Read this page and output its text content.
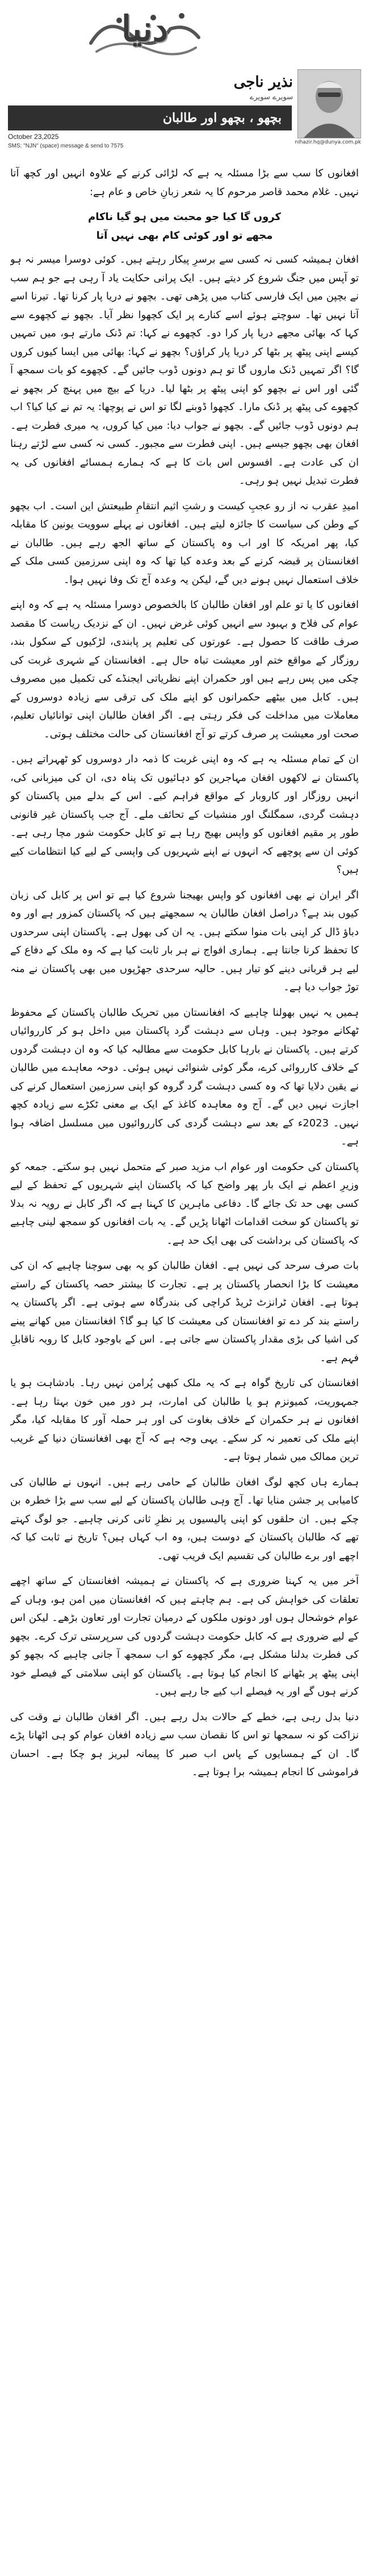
دنیا
nihazir.hq@dunya.com.pk
نذیر ناجی
سویرے سویرے
بچھو ، بچھو اور طالبان
October 23,2025
SMS: "NJN" (space) message & send to 7575

افغانوں کا سب سے بڑا مسئلہ یہ ہے کہ لڑائی کرنے کے علاوہ انہیں اور کچھ آتا نہیں۔ غلام محمد قاصر مرحوم کا یہ شعر زبانِ خاص و عام ہے:

کروں گا کیا جو محبت میں ہو گیا ناکام
مجھے تو اور کوئی کام بھی نہیں آتا

افغان ہمیشہ کسی نہ کسی سے برسرِ پیکار رہتے ہیں۔ کوئی دوسرا میسر نہ ہو تو آپس میں جنگ شروع کر دیتے ہیں۔ ایک پرانی حکایت یاد آ رہی ہے جو ہم سب نے بچپن میں ایک فارسی کتاب میں پڑھی تھی۔ بچھو نے دریا پار کرنا تھا۔ تیرنا اسے آتا نہیں تھا۔ سوچتے ہوئے اسے کنارے پر ایک کچھوا نظر آیا۔ بچھو نے کچھوے سے کہا کہ بھائی مجھے دریا پار کرا دو۔ کچھوے نے کہا: تم ڈنک مارتے ہو، میں تمہیں کیسے اپنی پیٹھ پر بٹھا کر دریا پار کراؤں؟ بچھو نے کہا: بھائی میں ایسا کیوں کروں گا؟ اگر تمہیں ڈنک ماروں گا تو ہم دونوں ڈوب جائیں گے۔ کچھوے کو بات سمجھ آ گئی اور اس نے بچھو کو اپنی پیٹھ پر بٹھا لیا۔ دریا کے بیچ میں پہنچ کر بچھو نے کچھوے کی پیٹھ پر ڈنک مارا۔ کچھوا ڈوبنے لگا تو اس نے پوچھا: یہ تم نے کیا کیا؟ اب ہم دونوں ڈوب جائیں گے۔ بچھو نے جواب دیا: میں کیا کروں، یہ میری فطرت ہے۔ افغان بھی بچھو جیسے ہیں۔ اپنی فطرت سے مجبور۔ کسی نہ کسی سے لڑتے رہنا ان کی عادت ہے۔ افسوس اس بات کا ہے کہ ہمارے ہمسائے افغانوں کی یہ فطرت تبدیل نہیں ہو رہی۔

امیدِ عقرب نہ از رو عجبِ کیست و رشتِ اثیم انتقامِ طبیعتش این است۔ اب بچھو کے وطن کی سیاست کا جائزہ لیتے ہیں۔ افغانوں نے پہلے سوویت یونین کا مقابلہ کیا، پھر امریکہ کا اور اب وہ پاکستان کے ساتھ الجھ رہے ہیں۔ طالبان نے افغانستان پر قبضہ کرنے کے بعد وعدہ کیا تھا کہ وہ اپنی سرزمین کسی ملک کے خلاف استعمال نہیں ہونے دیں گے، لیکن یہ وعدہ آج تک وفا نہیں ہوا۔

افغانوں کا یا تو علم اور افغان طالبان کا بالخصوص دوسرا مسئلہ یہ ہے کہ وہ اپنے عوام کی فلاح و بہبود سے انہیں کوئی غرض نہیں۔ ان کے نزدیک ریاست کا مقصد صرف طاقت کا حصول ہے۔ عورتوں کی تعلیم پر پابندی، لڑکیوں کے سکول بند، روزگار کے مواقع ختم اور معیشت تباہ حال ہے۔ افغانستان کے شہری غربت کی چکی میں پس رہے ہیں اور حکمران اپنے نظریاتی ایجنڈے کی تکمیل میں مصروف ہیں۔ کابل میں بیٹھے حکمرانوں کو اپنے ملک کی ترقی سے زیادہ دوسروں کے معاملات میں مداخلت کی فکر رہتی ہے۔ اگر افغان طالبان اپنی توانائیاں تعلیم، صحت اور معیشت پر صرف کرتے تو آج افغانستان کی حالت مختلف ہوتی۔

ان کے تمام مسئلہ یہ ہے کہ وہ اپنی غربت کا ذمہ دار دوسروں کو ٹھہراتے ہیں۔ پاکستان نے لاکھوں افغان مہاجرین کو دہائیوں تک پناہ دی، ان کی میزبانی کی، انہیں روزگار اور کاروبار کے مواقع فراہم کیے۔ اس کے بدلے میں پاکستان کو دہشت گردی، سمگلنگ اور منشیات کے تحائف ملے۔ آج جب پاکستان غیر قانونی طور پر مقیم افغانوں کو واپس بھیج رہا ہے تو کابل حکومت شور مچا رہی ہے۔ کوئی ان سے پوچھے کہ انہوں نے اپنے شہریوں کی واپسی کے لیے کیا انتظامات کیے ہیں؟

اگر ایران نے بھی افغانوں کو واپس بھیجنا شروع کیا ہے تو اس پر کابل کی زبان کیوں بند ہے؟ دراصل افغان طالبان یہ سمجھتے ہیں کہ پاکستان کمزور ہے اور وہ دباؤ ڈال کر اپنی بات منوا سکتے ہیں۔ یہ ان کی بھول ہے۔ پاکستان اپنی سرحدوں کا تحفظ کرنا جانتا ہے۔ ہماری افواج نے ہر بار ثابت کیا ہے کہ وہ ملک کے دفاع کے لیے ہر قربانی دینے کو تیار ہیں۔ حالیہ سرحدی جھڑپوں میں بھی پاکستان نے منہ توڑ جواب دیا ہے۔

ہمیں یہ نہیں بھولنا چاہیے کہ افغانستان میں تحریک طالبان پاکستان کے محفوظ ٹھکانے موجود ہیں۔ وہاں سے دہشت گرد پاکستان میں داخل ہو کر کارروائیاں کرتے ہیں۔ پاکستان نے بارہا کابل حکومت سے مطالبہ کیا کہ وہ ان دہشت گردوں کے خلاف کارروائی کرے، مگر کوئی شنوائی نہیں ہوئی۔ دوحہ معاہدے میں طالبان نے یقین دلایا تھا کہ وہ کسی دہشت گرد گروہ کو اپنی سرزمین استعمال کرنے کی اجازت نہیں دیں گے۔ آج وہ معاہدہ کاغذ کے ایک بے معنی ٹکڑے سے زیادہ کچھ نہیں۔ 2023ء کے بعد سے دہشت گردی کی کارروائیوں میں مسلسل اضافہ ہوا ہے۔

پاکستان کی حکومت اور عوام اب مزید صبر کے متحمل نہیں ہو سکتے۔ جمعہ کو وزیرِ اعظم نے ایک بار پھر واضح کیا کہ پاکستان اپنے شہریوں کے تحفظ کے لیے کسی بھی حد تک جائے گا۔ دفاعی ماہرین کا کہنا ہے کہ اگر کابل نے رویہ نہ بدلا تو پاکستان کو سخت اقدامات اٹھانا پڑیں گے۔ یہ بات افغانوں کو سمجھ لینی چاہیے کہ پاکستان کی برداشت کی بھی ایک حد ہے۔

بات صرف سرحد کی نہیں ہے۔ افغان طالبان کو یہ بھی سوچنا چاہیے کہ ان کی معیشت کا بڑا انحصار پاکستان پر ہے۔ تجارت کا بیشتر حصہ پاکستان کے راستے ہوتا ہے۔ افغان ٹرانزٹ ٹریڈ کراچی کی بندرگاہ سے ہوتی ہے۔ اگر پاکستان یہ راستے بند کر دے تو افغانستان کی معیشت کا کیا ہو گا؟ افغانستان میں کھانے پینے کی اشیا کی بڑی مقدار پاکستان سے جاتی ہے۔ اس کے باوجود کابل کا رویہ ناقابلِ فہم ہے۔

افغانستان کی تاریخ گواہ ہے کہ یہ ملک کبھی پُرامن نہیں رہا۔ بادشاہت ہو یا جمہوریت، کمیونزم ہو یا طالبان کی امارت، ہر دور میں خون بہتا رہا ہے۔ افغانوں نے ہر حکمران کے خلاف بغاوت کی اور ہر حملہ آور کا مقابلہ کیا، مگر اپنے ملک کی تعمیر نہ کر سکے۔ یہی وجہ ہے کہ آج بھی افغانستان دنیا کے غریب ترین ممالک میں شمار ہوتا ہے۔

ہمارے ہاں کچھ لوگ افغان طالبان کے حامی رہے ہیں۔ انہوں نے طالبان کی کامیابی پر جشن منایا تھا۔ آج وہی طالبان پاکستان کے لیے سب سے بڑا خطرہ بن چکے ہیں۔ ان حلقوں کو اپنی پالیسیوں پر نظرِ ثانی کرنی چاہیے۔ جو لوگ کہتے تھے کہ طالبان پاکستان کے دوست ہیں، وہ اب کہاں ہیں؟ تاریخ نے ثابت کیا کہ اچھے اور برے طالبان کی تقسیم ایک فریب تھی۔

آخر میں یہ کہنا ضروری ہے کہ پاکستان نے ہمیشہ افغانستان کے ساتھ اچھے تعلقات کی خواہش کی ہے۔ ہم چاہتے ہیں کہ افغانستان میں امن ہو، وہاں کے عوام خوشحال ہوں اور دونوں ملکوں کے درمیان تجارت اور تعاون بڑھے۔ لیکن اس کے لیے ضروری ہے کہ کابل حکومت دہشت گردوں کی سرپرستی ترک کرے۔ بچھو کی فطرت بدلنا مشکل ہے، مگر کچھوے کو اب سمجھ آ جانی چاہیے کہ بچھو کو اپنی پیٹھ پر بٹھانے کا انجام کیا ہوتا ہے۔ پاکستان کو اپنی سلامتی کے فیصلے خود کرنے ہوں گے اور یہ فیصلے اب کیے جا رہے ہیں۔

دنیا بدل رہی ہے، خطے کے حالات بدل رہے ہیں۔ اگر افغان طالبان نے وقت کی نزاکت کو نہ سمجھا تو اس کا نقصان سب سے زیادہ افغان عوام کو ہی اٹھانا پڑے گا۔ ان کے ہمسایوں کے پاس اب صبر کا پیمانہ لبریز ہو چکا ہے۔ احسان فراموشی کا انجام ہمیشہ برا ہوتا ہے۔
